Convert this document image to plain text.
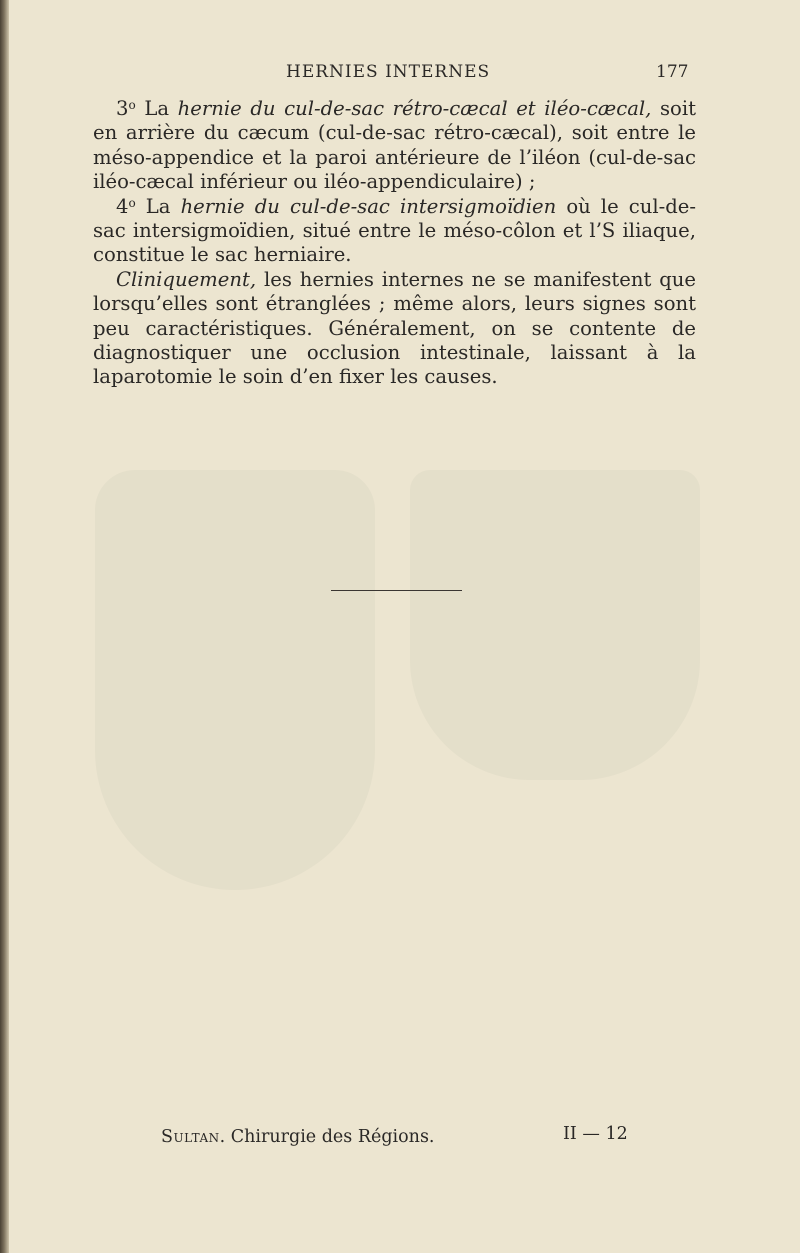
HERNIES INTERNES	177

3$^o$ La hernie du cul-de-sac rétro-cæcal et iléo-cæcal, soit en arrière du cæcum (cul-de-sac rétro-cæcal), soit entre le méso-appendice et la paroi antérieure de l’iléon (cul-de-sac iléo-cæcal inférieur ou iléo-appendiculaire) ;

4$^o$ La hernie du cul-de-sac intersigmoïdien où le cul-de-sac intersigmoïdien, situé entre le méso-côlon et l’S iliaque, constitue le sac herniaire.

Cliniquement, les hernies internes ne se manifestent que lorsqu’elles sont étranglées ; même alors, leurs signes sont peu caractéristiques. Généralement, on se contente de diagnostiquer une occlusion intestinale, laissant à la laparotomie le soin d’en fixer les causes.

Sultan. Chirurgie des Régions.	II — 12
